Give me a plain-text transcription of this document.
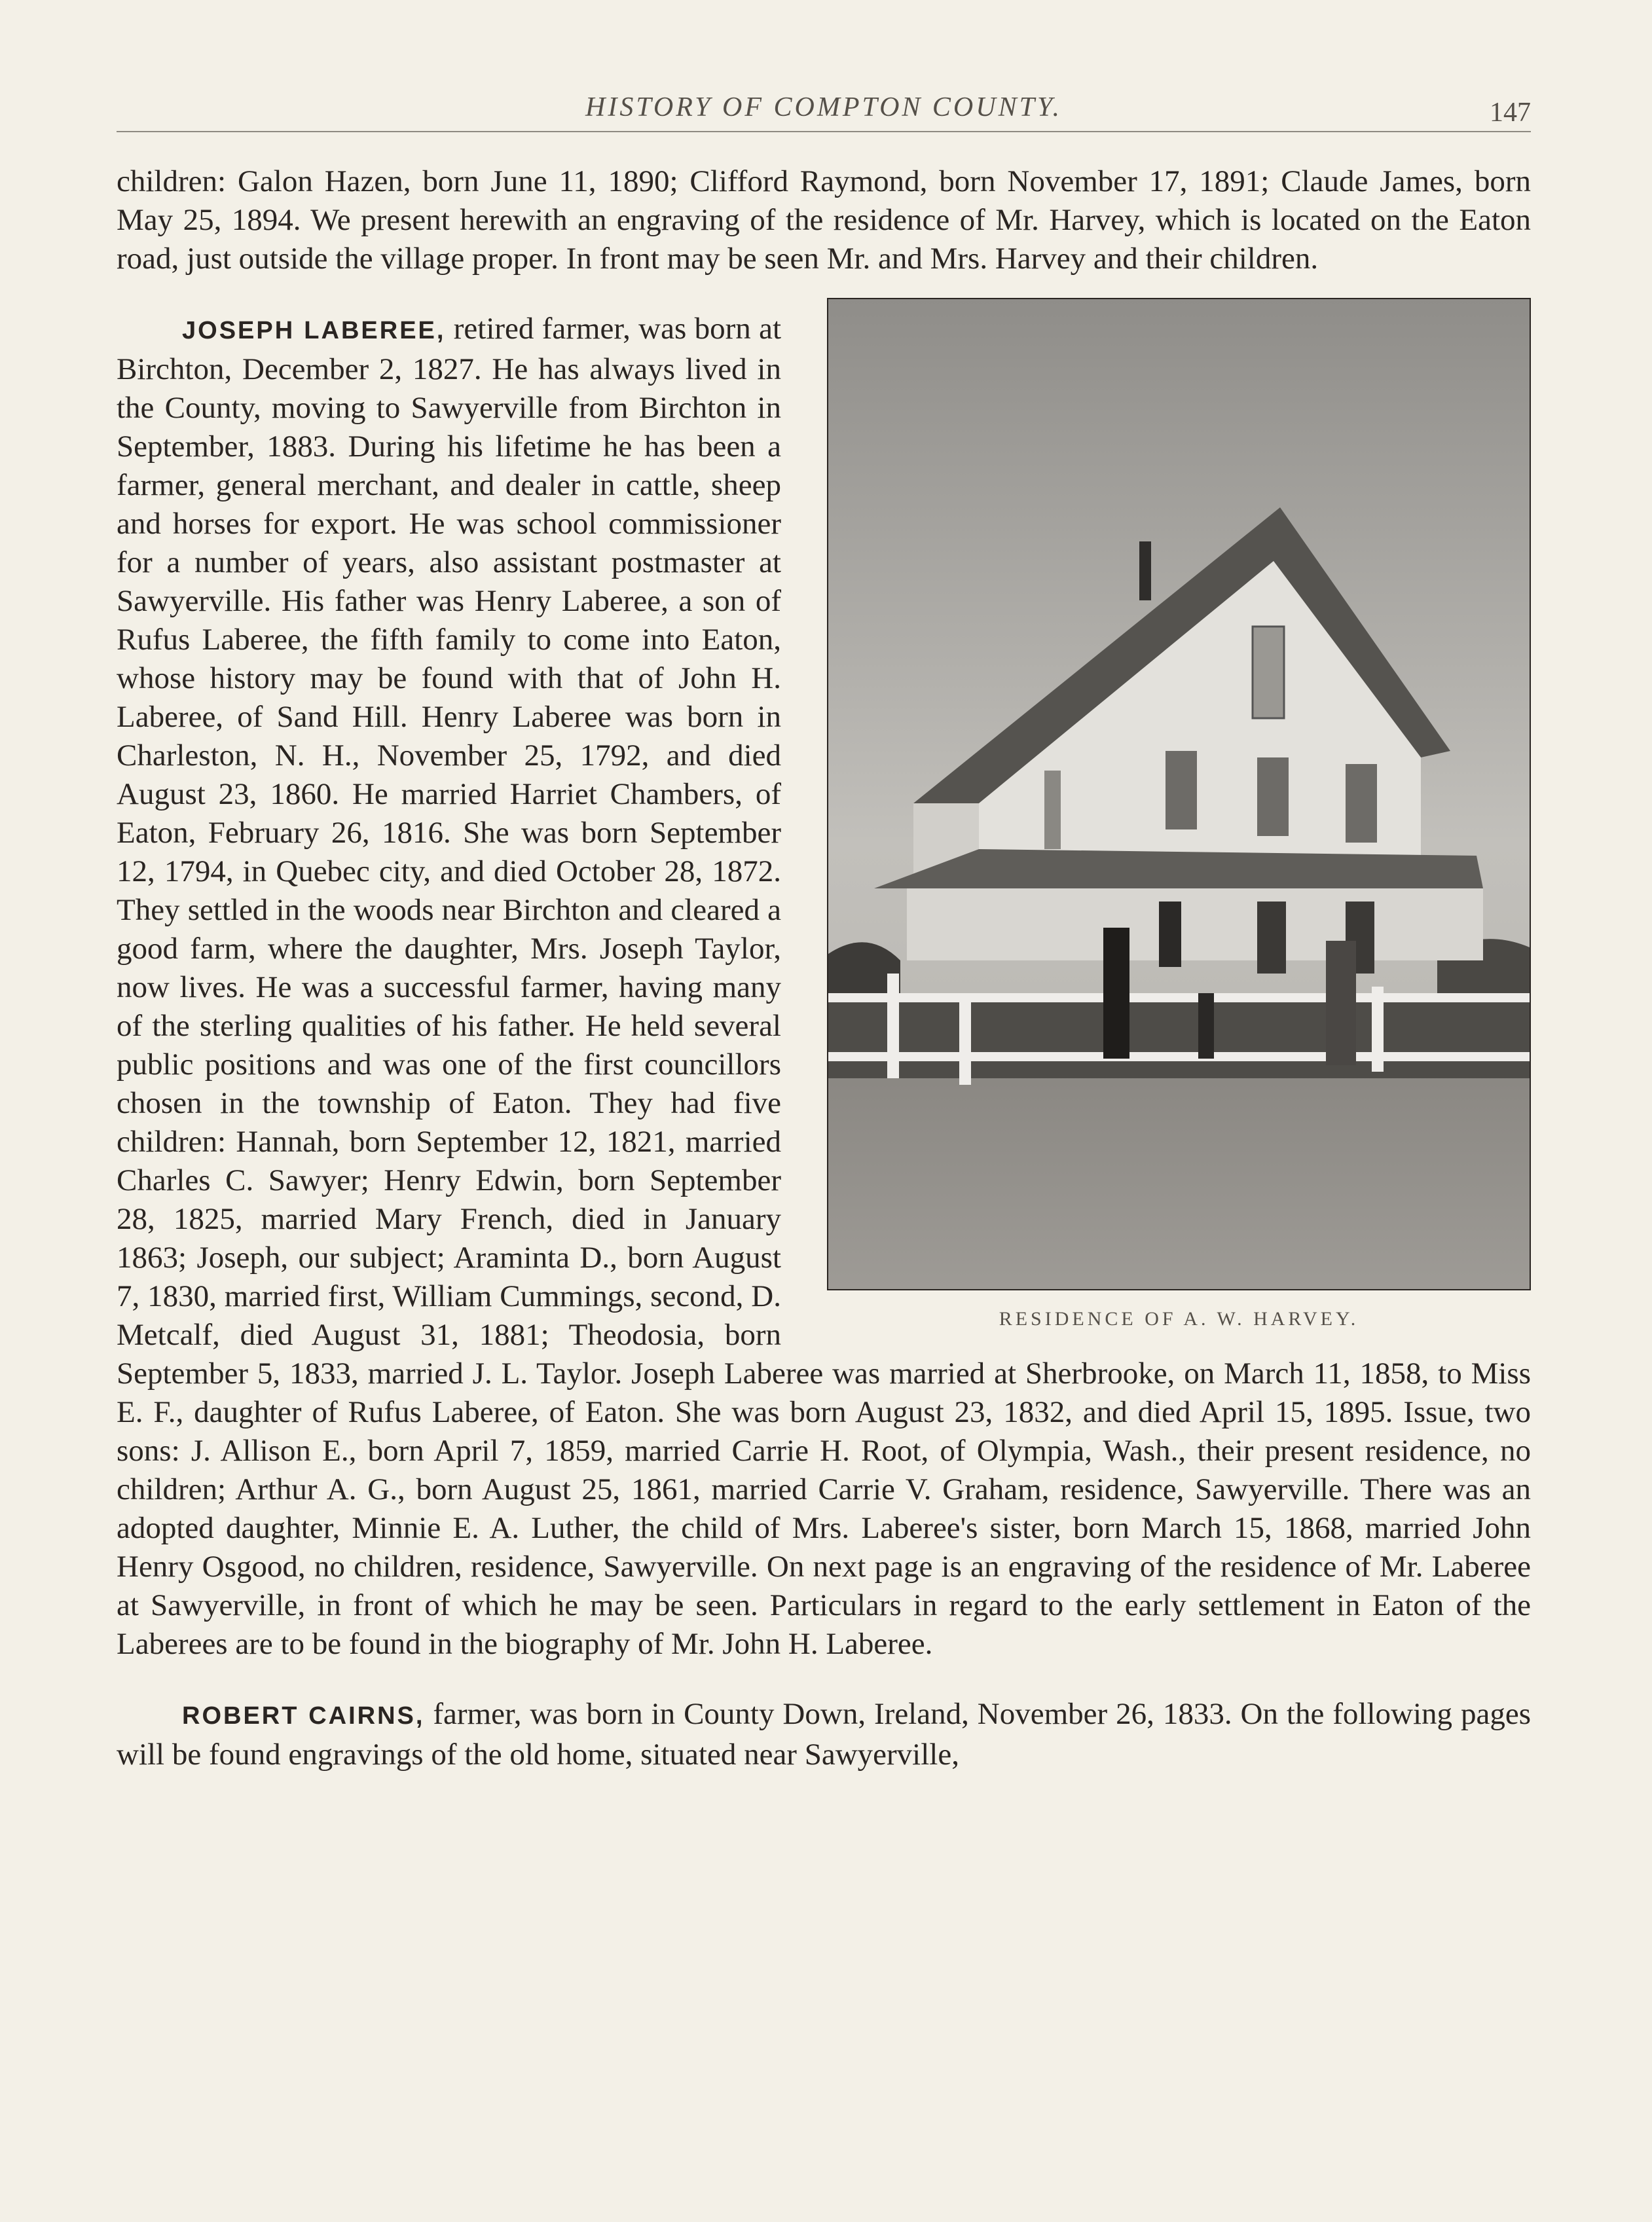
HISTORY OF COMPTON COUNTY.	147

children: Galon Hazen, born June 11, 1890; Clifford Raymond, born November 17, 1891; Claude James, born May 25, 1894. We present herewith an engraving of the residence of Mr. Harvey, which is located on the Eaton road, just outside the village proper. In front may be seen Mr. and Mrs. Harvey and their children.

RESIDENCE OF A. W. HARVEY.

JOSEPH LABEREE, retired farmer, was born at Birchton, December 2, 1827. He has always lived in the County, moving to Sawyerville from Birchton in September, 1883. During his lifetime he has been a farmer, general merchant, and dealer in cattle, sheep and horses for export. He was school commissioner for a number of years, also assistant postmaster at Sawyerville. His father was Henry Laberee, a son of Rufus Laberee, the fifth family to come into Eaton, whose history may be found with that of John H. Laberee, of Sand Hill. Henry Laberee was born in Charleston, N. H., November 25, 1792, and died August 23, 1860. He married Harriet Chambers, of Eaton, February 26, 1816. She was born September 12, 1794, in Quebec city, and died October 28, 1872. They settled in the woods near Birchton and cleared a good farm, where the daughter, Mrs. Joseph Taylor, now lives. He was a successful farmer, having many of the sterling qualities of his father. He held several public positions and was one of the first councillors chosen in the township of Eaton. They had five children: Hannah, born September 12, 1821, married Charles C. Sawyer; Henry Edwin, born September 28, 1825, married Mary French, died in January 1863; Joseph, our subject; Araminta D., born August 7, 1830, married first, William Cummings, second, D. Metcalf, died August 31, 1881; Theodosia, born September 5, 1833, married J. L. Taylor. Joseph Laberee was married at Sherbrooke, on March 11, 1858, to Miss E. F., daughter of Rufus Laberee, of Eaton. She was born August 23, 1832, and died April 15, 1895. Issue, two sons: J. Allison E., born April 7, 1859, married Carrie H. Root, of Olympia, Wash., their present residence, no children; Arthur A. G., born August 25, 1861, married Carrie V. Graham, residence, Sawyerville. There was an adopted daughter, Minnie E. A. Luther, the child of Mrs. Laberee's sister, born March 15, 1868, married John Henry Osgood, no children, residence, Sawyerville. On next page is an engraving of the residence of Mr. Laberee at Sawyerville, in front of which he may be seen. Particulars in regard to the early settlement in Eaton of the Laberees are to be found in the biography of Mr. John H. Laberee.

ROBERT CAIRNS, farmer, was born in County Down, Ireland, November 26, 1833. On the following pages will be found engravings of the old home, situated near Sawyerville,
